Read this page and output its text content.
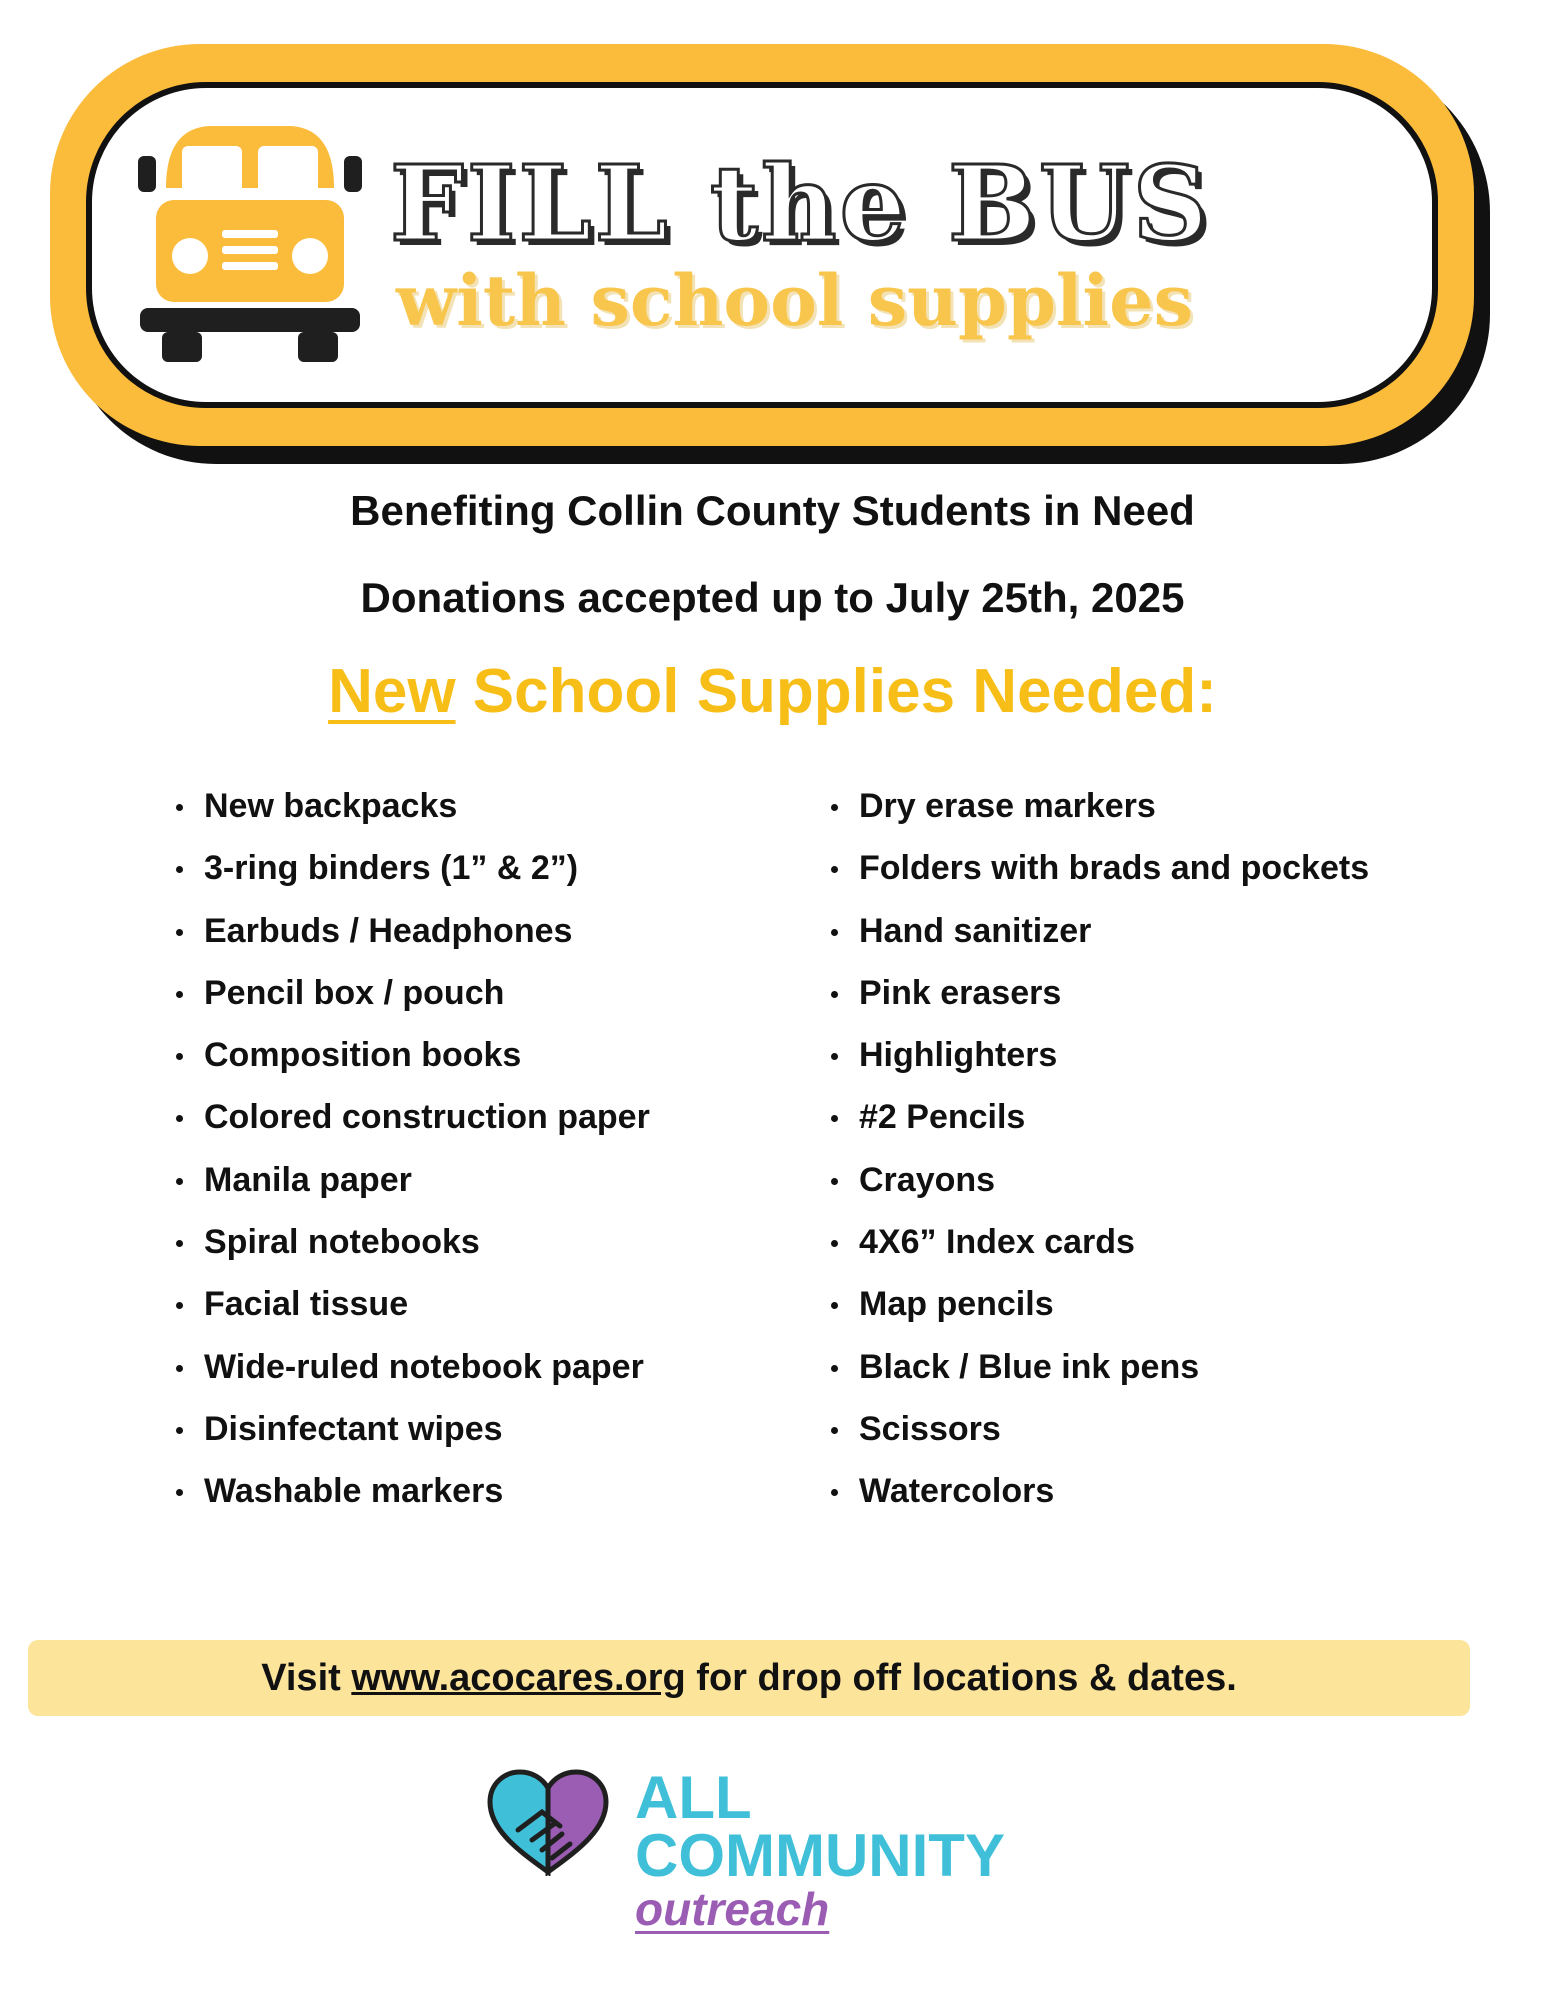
FILL the BUS
with school supplies

Benefiting Collin County Students in Need

Donations accepted up to July 25th, 2025

New School Supplies Needed:

New backpacks
3-ring binders (1” & 2”)
Earbuds / Headphones
Pencil box / pouch
Composition books
Colored construction paper
Manila paper
Spiral notebooks
Facial tissue
Wide-ruled notebook paper
Disinfectant wipes
Washable markers
Dry erase markers
Folders with brads and pockets
Hand sanitizer
Pink erasers
Highlighters
#2 Pencils
Crayons
4X6” Index cards
Map pencils
Black / Blue ink pens
Scissors
Watercolors
Visit www.acocares.org for drop off locations & dates.

ALL

COMMUNITY

outreach
